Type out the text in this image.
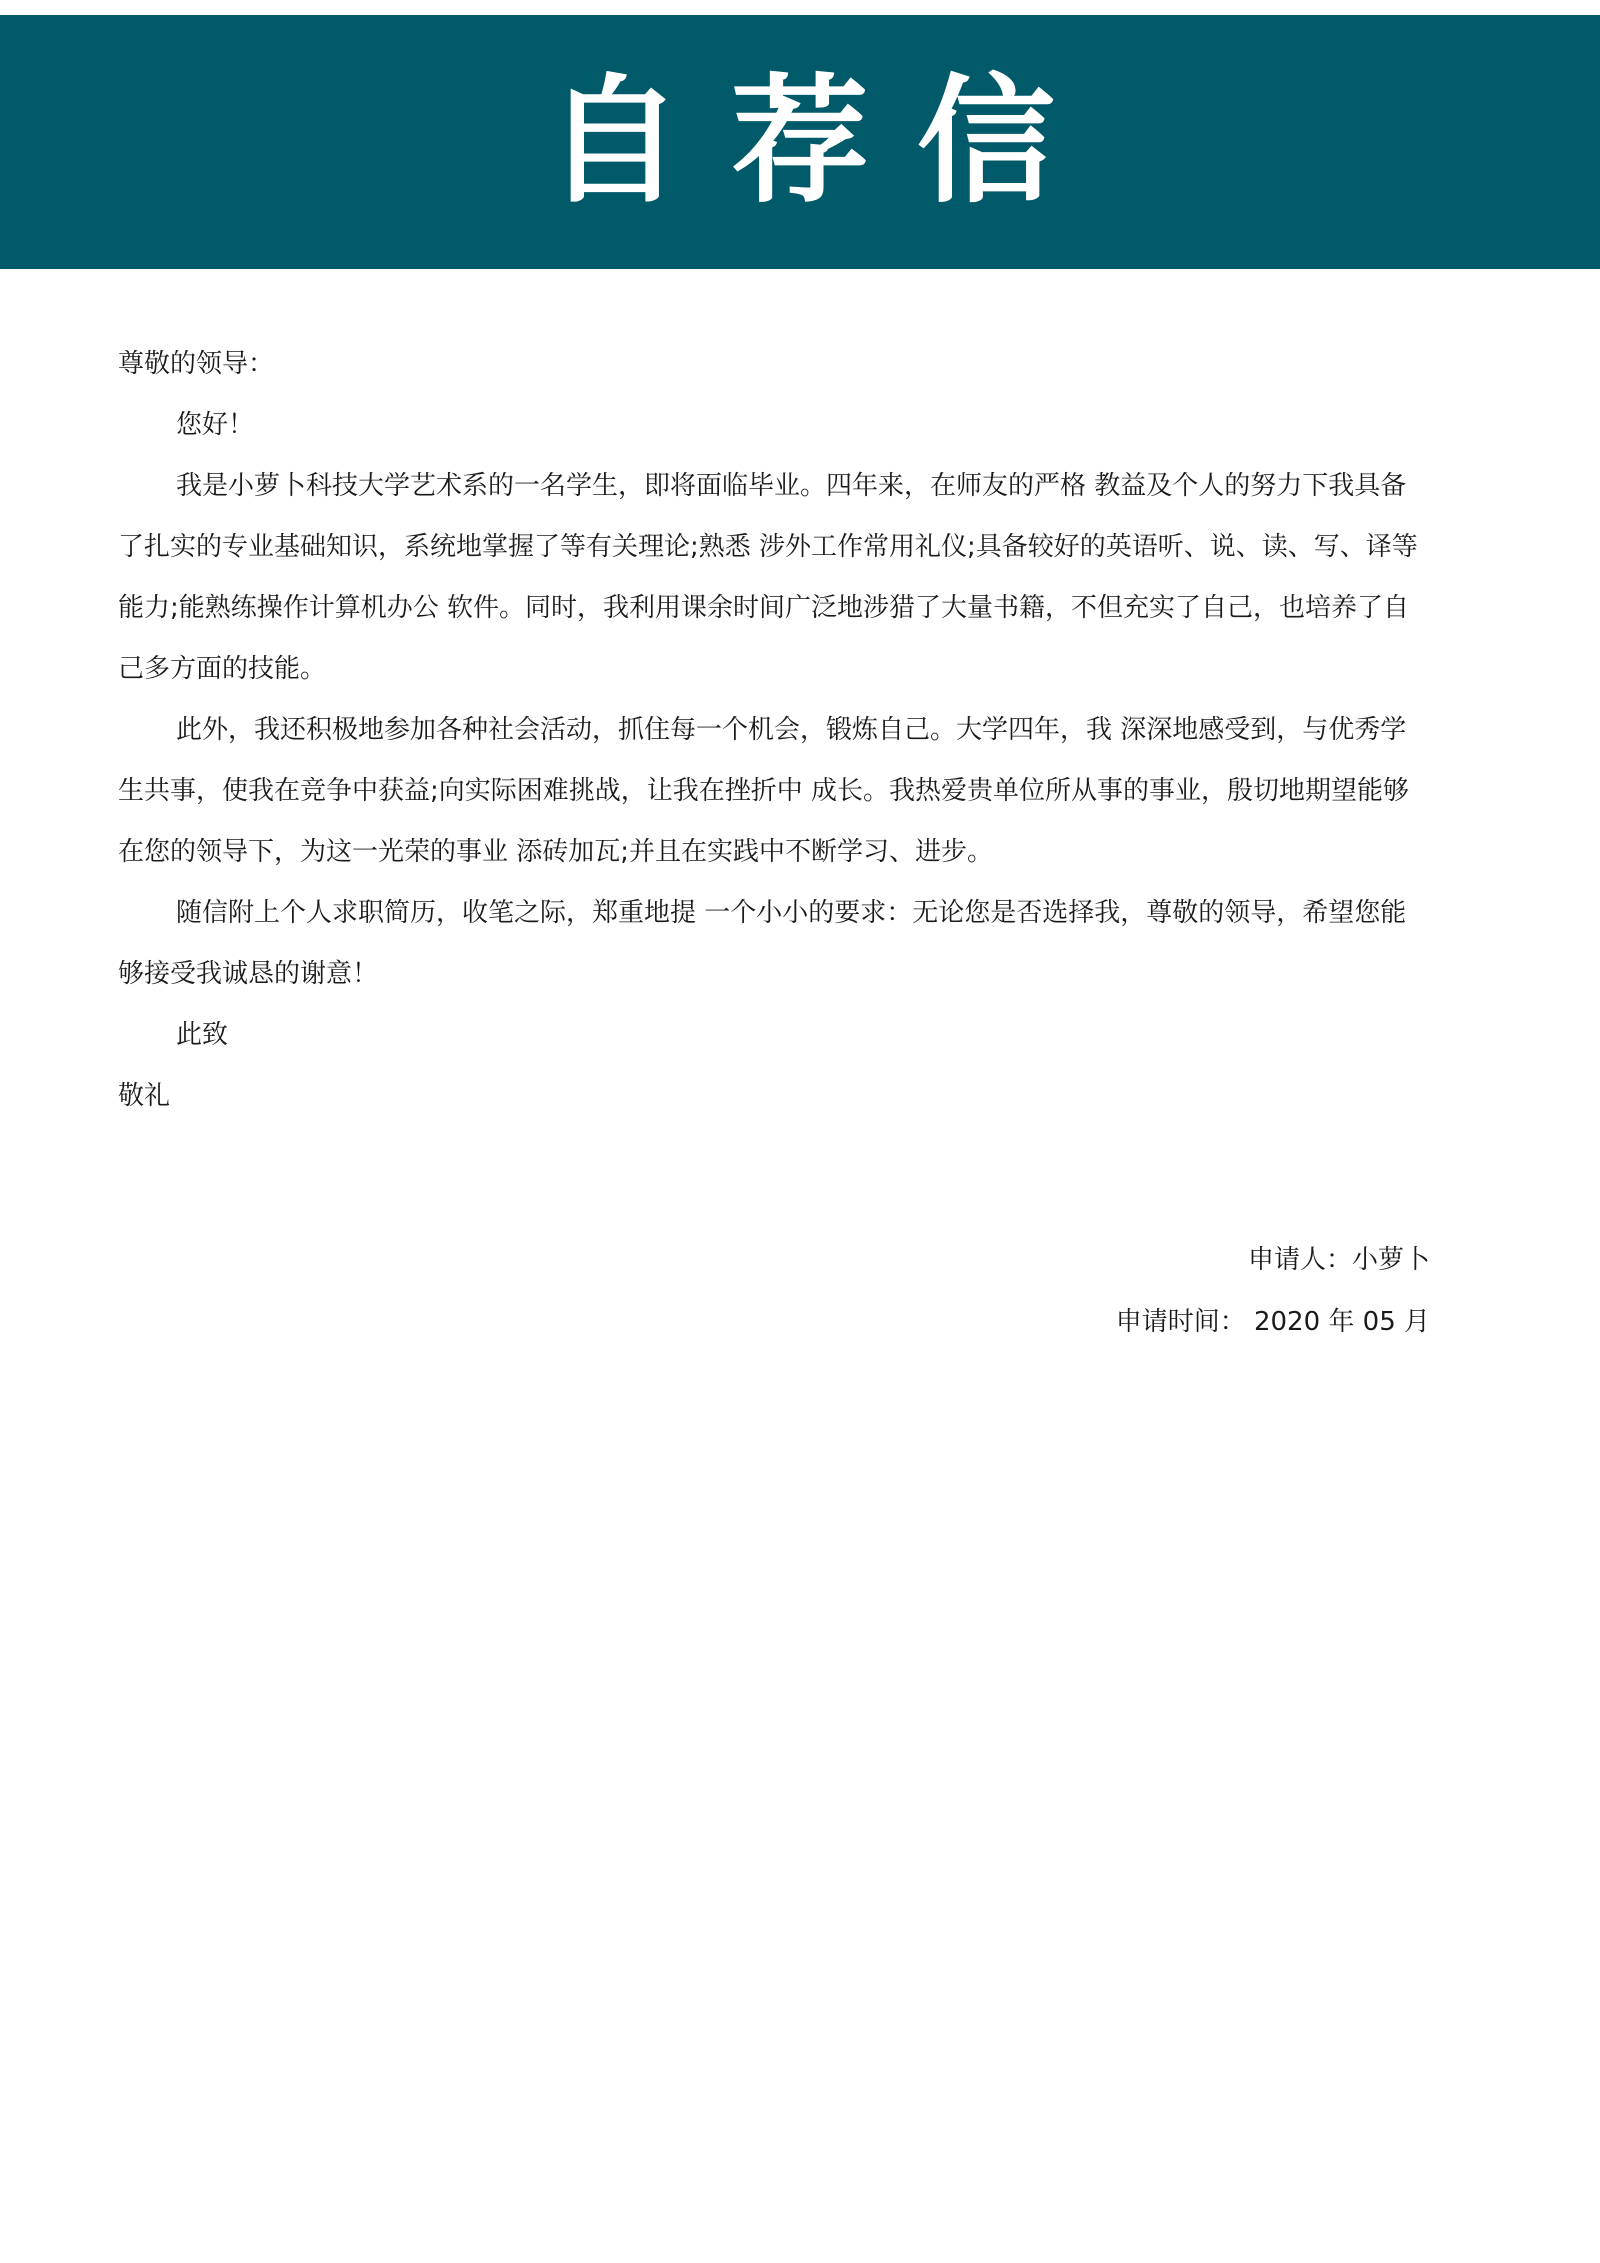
自荐信

尊敬的领导：

您好！

我是小萝卜科技大学艺术系的一名学生，即将面临毕业。四年来，在师友的严格 教益及个人的努力下我具备了扎实的专业基础知识，系统地掌握了等有关理论;熟悉 涉外工作常用礼仪;具备较好的英语听、说、读、写、译等能力;能熟练操作计算机办公 软件。同时，我利用课余时间广泛地涉猎了大量书籍，不但充实了自己，也培养了自 己多方面的技能。

此外，我还积极地参加各种社会活动，抓住每一个机会，锻炼自己。大学四年，我 深深地感受到，与优秀学生共事，使我在竞争中获益;向实际困难挑战，让我在挫折中 成长。我热爱贵单位所从事的事业，殷切地期望能够在您的领导下，为这一光荣的事业 添砖加瓦;并且在实践中不断学习、进步。

随信附上个人求职简历，收笔之际，郑重地提 一个小小的要求：无论您是否选择我，尊敬的领导，希望您能够接受我诚恳的谢意！

此致

敬礼

申请人：小萝卜

申请时间： 2020 年 05 月
